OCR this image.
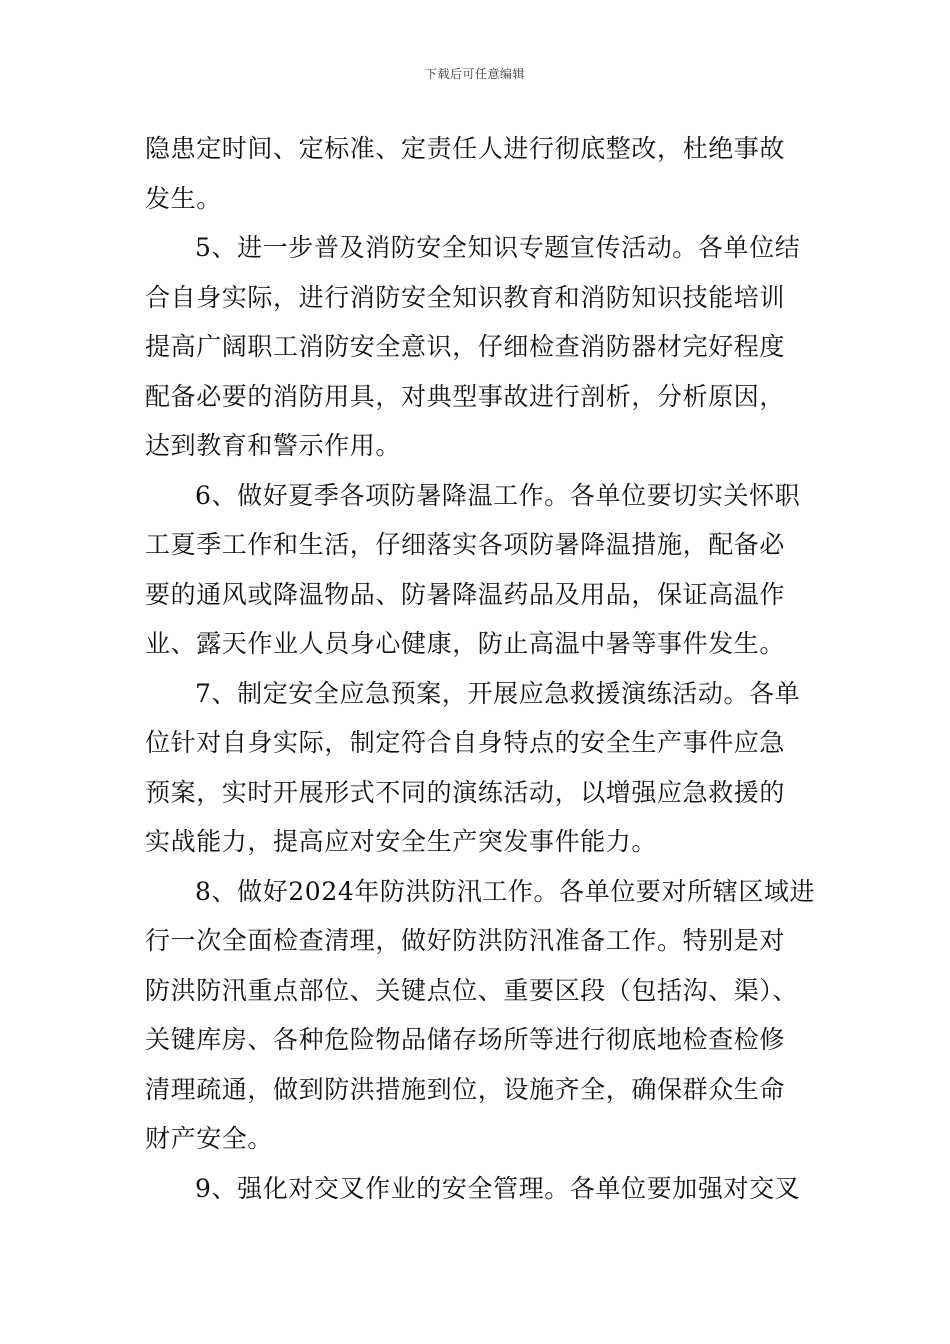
下载后可任意编辑
隐患定时间、定标准、定责任人进行彻底整改，杜绝事故
发生。
5、进一步普及消防安全知识专题宣传活动。各单位结
合自身实际，进行消防安全知识教育和消防知识技能培训
提高广阔职工消防安全意识，仔细检查消防器材完好程度
配备必要的消防用具，对典型事故进行剖析，分析原因，
达到教育和警示作用。
6、做好夏季各项防暑降温工作。各单位要切实关怀职
工夏季工作和生活，仔细落实各项防暑降温措施，配备必
要的通风或降温物品、防暑降温药品及用品，保证高温作
业、露天作业人员身心健康，防止高温中暑等事件发生。
7、制定安全应急预案，开展应急救援演练活动。各单
位针对自身实际，制定符合自身特点的安全生产事件应急
预案，实时开展形式不同的演练活动，以增强应急救援的
实战能力，提高应对安全生产突发事件能力。
8、做好2024年防洪防汛工作。各单位要对所辖区域进
行一次全面检查清理，做好防洪防汛准备工作。特别是对
防洪防汛重点部位、关键点位、重要区段（包括沟、渠）、
关键库房、各种危险物品储存场所等进行彻底地检查检修
清理疏通，做到防洪措施到位，设施齐全，确保群众生命
财产安全。
9、强化对交叉作业的安全管理。各单位要加强对交叉
